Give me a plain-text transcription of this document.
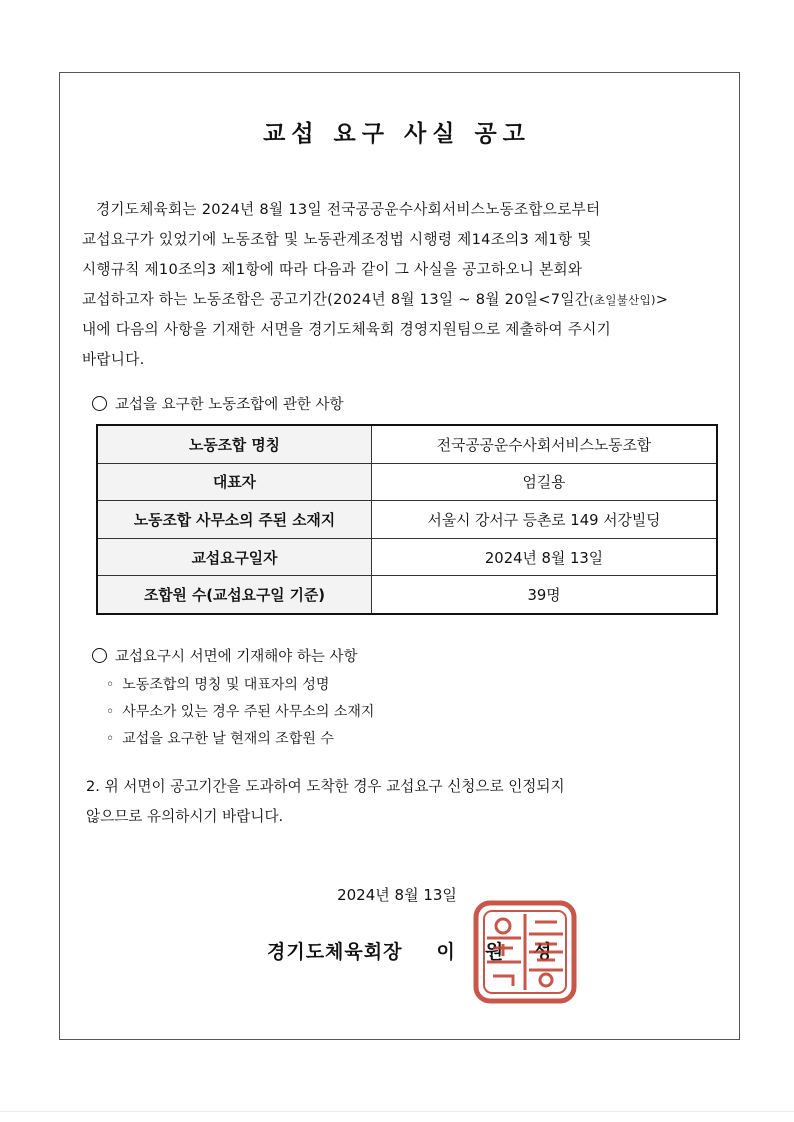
교섭 요구 사실 공고
경기도체육회는 2024년 8월 13일 전국공공운수사회서비스노동조합으로부터
교섭요구가 있었기에 노동조합 및 노동관계조정법 시행령 제14조의3 제1항 및
시행규칙 제10조의3 제1항에 따라 다음과 같이 그 사실을 공고하오니 본회와
교섭하고자 하는 노동조합은 공고기간(2024년 8월 13일 ~ 8월 20일<7일간(초일불산입)>
내에 다음의 사항을 기재한 서면을 경기도체육회 경영지원팀으로 제출하여 주시기
바랍니다.
교섭을 요구한 노동조합에 관한 사항
노동조합 명칭	전국공공운수사회서비스노동조합
대표자	엄길용
노동조합 사무소의 주된 소재지	서울시 강서구 등촌로 149 서강빌딩
교섭요구일자	2024년 8월 13일
조합원 수(교섭요구일 기준)	39명
교섭요구시 서면에 기재해야 하는 사항
◦ 노동조합의 명칭 및 대표자의 성명
◦ 사무소가 있는 경우 주된 사무소의 소재지
◦ 교섭을 요구한 날 현재의 조합원 수
2. 위 서면이 공고기간을 도과하여 도착한 경우 교섭요구 신청으로 인정되지
않으므로 유의하시기 바랍니다.
2024년 8월 13일
경기도체육회장 이원성
